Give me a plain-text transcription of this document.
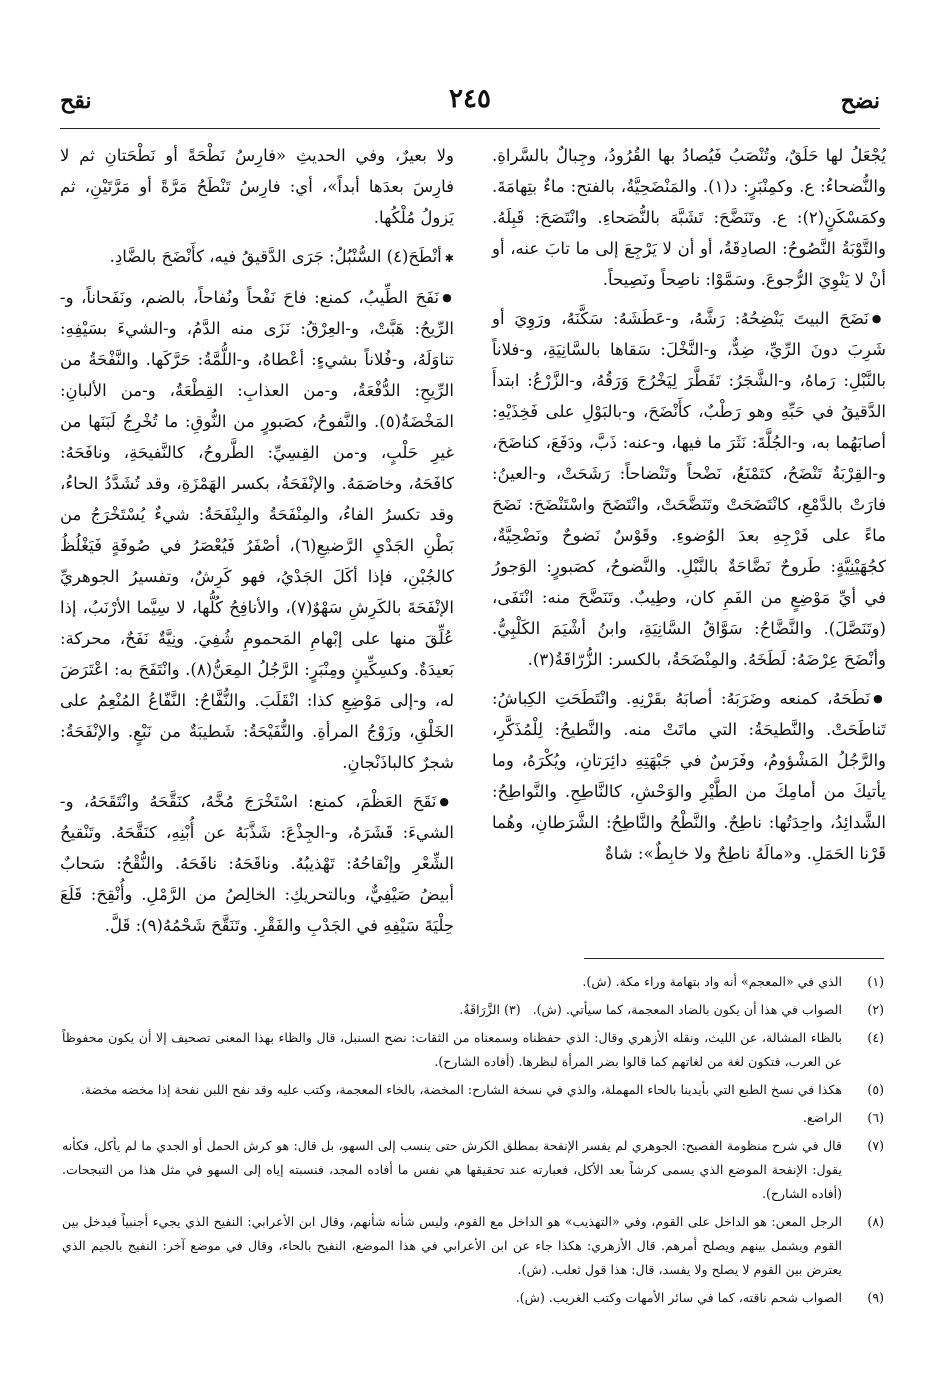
نضح
٢٤٥
نقح

يُجْعَلُ لها حَلَقٌ، وتُنْصَبُ فَيُصادُ بها القُرُودُ، وجِبالٌ بالسَّراةِ. والنُّضحاءُ: ع. وكمِنْبَرٍ: د(١). والمَنْضَحِيَّةُ، بالفتح: ماءٌ بتِهامَةَ. وكمَسْكَنٍ(٢): ع. وتَنَضَّحَ: تَشَبَّهَ بالنُّصَحاءِ. وانْتَصَحَ: قَبِلَهُ. والتَّوْبَةُ النَّصُوحُ: الصادِقَةُ، أو أن لا يَرْجِعَ إلى ما تابَ عنه، أو أنْ لا يَنْوِيَ الرُّجوعَ. وسَمَّوْا: ناصِحاً ونَصِيحاً.

● نَضَحَ البيتَ يَنْضِحُهُ: رَشَّهُ، و-عَطَشَهُ: سَكَّنَهُ، ورَوِيَ أو شَرِبَ دونَ الرِّيِّ، ضِدٌّ، و-النَّخْلَ: سَقاها بالسَّانِيَةِ، و-فلاناً بالنَّبْلِ: رَماهُ، و-الشَّجَرُ: تَفَطَّرَ لِيَخْرُجَ وَرَقُهُ، و-الزَّرْعُ: ابتدأَ الدَّقيقُ في حَبِّهِ وهو رَطْبٌ، كأَنْضَحَ، و-بالبَوْلِ على فَخِذَيْهِ: أصابَهُما به، و-الجُلَّةَ: نَثَرَ ما فيها، و-عنه: ذَبَّ، ودَفَعَ، كناضَحَ، و-القِرْبَةُ تَنْضَحُ، كتَمْنَعُ، نَضْحاً وتَنْضاحاً: رَشَحَتْ، و-العينُ: فارَتْ بالدَّمْعِ، كانْتَضَحَتْ وتَنَضَّحَتْ، وانْتَضَحَ واسْتَنْضَحَ: نَضَحَ ماءً على فَرْجِهِ بعدَ الوُضوءِ. وقَوْسٌ نَضوحٌ ونَضْحِيَّةٌ، كجُهَيْنِيَّةٍ: طَروحٌ نَضَّاحَةٌ بالنَّبْلِ. والنَّضوحُ، كصَبورٍ: الوَجورُ في أيِّ مَوْضِعٍ من الفَمِ كان، وطِيبٌ. وتَنَضَّحَ منه: انْتَفَى، (وتَنَصَّلَ). والنَّضَّاحُ: سَوَّاقُ السَّانِيَةِ، وابنُ أشْيَمَ الكَلْبِيُّ. وأنْضَحَ عِرْضَهُ: لَطَخَهُ. والمِنْضَحَةُ، بالكسر: الزُّرّاقَةُ(٣).

● نَطَحَهُ، كمنعه وضَرَبَهُ: أصابَهُ بقَرْنِهِ. وانْتَطَحَتِ الكِباشُ: تَناطَحَتْ. والنَّطيحَةُ: التي ماتَتْ منه. والنَّطيحُ: لِلْمُذَكَّرِ، والرَّجُلُ المَشْؤومُ، وفَرَسٌ في جَبْهَتِهِ دائِرَتانِ، ويُكْرَهُ، وما يأتيكَ من أمامِكَ من الطَّيْرِ والوَحْشِ، كالنَّاطِحِ. والنَّواطِحُ: الشَّدائِدُ، واحِدَتُها: ناطِحٌ. والنَّطْحُ والنَّاطِحُ: الشَّرَطانِ، وهُما قَرْنا الحَمَلِ. و«مالَهُ ناطِحٌ ولا خابِطٌ»: شاةٌ

ولا بعيرٌ، وفي الحديثِ «فارِسُ نَطْحَةً أو نَطْحَتانِ ثم لا فارِسَ بعدَها أبداً»، أي: فارِسُ تَنْطَحُ مَرَّةً أو مَرَّتَيْنِ، ثم يَزولُ مُلْكُها.

✱ أنْطَحَ(٤) السُّنْبُلُ: جَرَى الدَّقيقُ فيه، كأَنْضَحَ بالضَّادِ.

● نَفَحَ الطِّيبُ، كمنع: فاحَ نَفْحاً ونُفاحاً، بالضم، ونَفَحاناً، و-الرِّيحُ: هَبَّتْ، و-العِرْقُ: نَزَى منه الدَّمُ، و-الشيءَ بسَيْفِهِ: تناوَلَهُ، و-فُلاناً بشيءٍ: أعْطاهُ، و-اللُّمَّةُ: حَرَّكَها. والنَّفْحَةُ من الرِّيحِ: الدُّفْعَةُ، و-من العذابِ: القِطْعَةُ، و-من الألبانِ: المَخْضَةُ(٥). والنَّفوحُ، كصَبورٍ من النُّوقِ: ما تُخْرِجُ لَبَنَها من غيرِ حَلْبٍ، و-من القِسِيِّ: الطَّروحُ، كالنَّفيحَةِ، ونافَحَهُ: كافَحَهُ، وخاصَمَهُ. والإنْفَحَةُ، بكسر الهَمْزَةِ، وقد تُشَدَّدُ الحاءُ، وقد تكسرُ الفاءُ، والمِنْفَحَةُ والبِنْفَحَةُ: شيءٌ يُسْتَخْرَجُ من بَطْنِ الجَدْيِ الرَّضيعِ(٦)، أصْفَرُ فَيُعْصَرُ في صُوفَةٍ فَيَغْلُظُ كالجُبْنِ، فإذا أكَلَ الجَدْيُ، فهو كَرِشٌ، وتفسيرُ الجوهريِّ الإنْفَحَةَ بالكَرِشِ سَهْوٌ(٧)، والأنافِحُ كُلُّها، لا سِيَّما الأرْنَبُ، إذا عُلِّقَ منها على إبْهامِ المَحمومِ شُفِيَ. ونِيَّةٌ نَفَحٌ، محركة: بَعيدَةٌ. وكسِكِّينٍ ومِنْبَرٍ: الرَّجُلُ المِعَنُّ(٨). وانْتَفَحَ به: اعْتَرَضَ له، و-إلى مَوْضِعِ كذا: انْقَلَبَ. والنُّفَّاحُ: النَّفّاعُ المُنْعِمُ على الخَلْقِ، وزَوْجُ المرأةِ. والنُّفَيْحَةُ: شَطيبَةٌ من نَبْعٍ. والإنْفَحَةُ: شجرٌ كالباذَنْجانِ.

● نَقَحَ العَظْمَ، كمنع: اسْتَخْرَجَ مُخَّهُ، كنَقَّحَهُ وانْتَقَحَهُ، و-الشيءَ: قَشَرَهُ، و-الجِذْعَ: شَذَّبَهُ عن أُبْنِهِ، كنَقَّحَهُ. وتَنْقيحُ الشِّعْرِ وإنْقاحُهُ: تَهْذيبُهُ. وناقَحَهُ: نافَحَهُ. والنُّقْحُ: سَحابٌ أبيضُ صَيْفِيٌّ، وبالتحريكِ: الخالِصُ من الرَّمْلِ. وأُنْقِحَ: قَلَعَ حِلْيَةَ سَيْفِهِ في الجَدْبِ والفَقْرِ. وتَنَقَّحَ شَحْمُهُ(٩): قَلَّ.

(١)
الذي في «المعجم» أنه واد بتهامة وراء مكة. (ش).
(٢)
الصواب في هذا أن يكون بالضاد المعجمة، كما سيأتي. (ش).(٣) الزَّرَاقَةُ.
(٤)
بالظاء المشالة، عن الليث، ونقله الأزهري وقال: الذي حفظناه وسمعناه من الثقات: نضح السنبل، قال والظاء بهذا المعنى تصحيف إلا أن يكون محفوظاً عن العرب، فتكون لغة من لغاتهم كما قالوا بضر المرأة لبظرها. (أفاده الشارح).
(٥)
هكذا في نسخ الطبع التي بأيدينا بالحاء المهملة، والذي في نسخة الشارح: المخضة، بالخاء المعجمة، وكتب عليه وقد نفح اللبن نفحة إذا مخضه مخضة.
(٦)
الراضع.
(٧)
قال في شرح منظومة الفصيح: الجوهري لم يفسر الإنفحة بمطلق الكرش حتى ينسب إلى السهو، بل قال: هو كرش الحمل أو الجدي ما لم يأكل، فكأنه يقول: الإنفحة الموضع الذي يسمى كرشاً بعد الأكل، فعبارته عند تحقيقها هي نفس ما أفاده المجد، فنسبته إياه إلى السهو في مثل هذا من التبجحات. (أفاده الشارح).
(٨)
الرجل المعن: هو الداخل على القوم، وفي «التهذيب» هو الداخل مع القوم، وليس شأنه شأنهم، وقال ابن الأعرابي: النفيح الذي يجيء أجنبياً فيدخل بين القوم ويشمل بينهم ويصلح أمرهم. قال الأزهري: هكذا جاء عن ابن الأعرابي في هذا الموضع، النفيح بالحاء، وقال في موضع آخر: النفيج بالجيم الذي يعترض بين القوم لا يصلح ولا يفسد، قال: هذا قول ثعلب. (ش).
(٩)
الصواب شحم ناقته، كما في سائر الأمهات وكتب الغريب. (ش).
